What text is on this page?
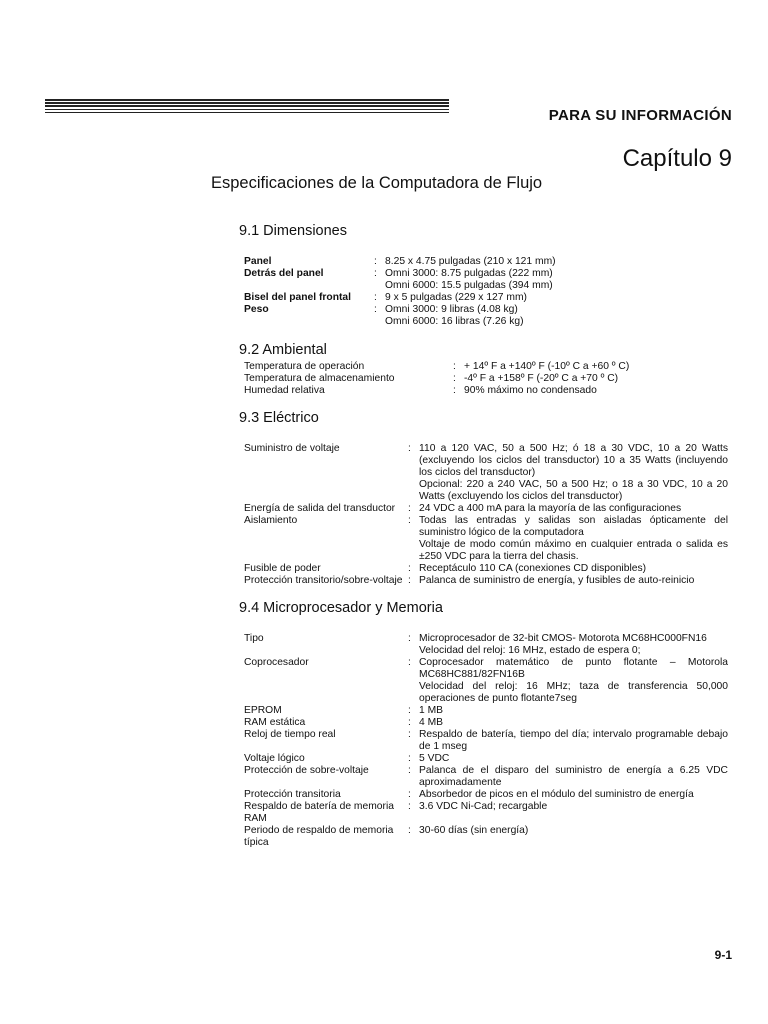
PARA SU INFORMACIÓN
Capítulo 9
Especificaciones de la Computadora de Flujo
9.1 Dimensiones
Panel	: 8.25 x 4.75 pulgadas (210 x 121 mm)

Detrás del panel	: Omni 3000: 8.75 pulgadas (222 mm)

Omni 6000: 15.5 pulgadas (394 mm)

Bisel del panel frontal	: 9 x 5 pulgadas (229 x 127 mm)

Peso	: Omni 3000: 9 libras (4.08 kg)

Omni 6000: 16 libras (7.26 kg)

9.2 Ambiental
Temperatura de operación	: + 14º F a +140º F (-10º C a +60 º C)

Temperatura de almacenamiento	: -4º F a +158º F (-20º C a +70 º C)

Humedad relativa	: 90% máximo no condensado

9.3 Eléctrico
Suministro de voltaje	: 110 a 120 VAC, 50 a 500 Hz; ó 18 a 30 VDC, 10 a 20 Watts (excluyendo los ciclos del transductor) 10 a 35 Watts (incluyendo los ciclos del transductor)

Opcional: 220 a 240 VAC, 50 a 500 Hz; o 18 a 30 VDC, 10 a 20 Watts (excluyendo los ciclos del transductor)

Energía de salida del transductor	: 24 VDC a 400 mA para la mayoría de las configuraciones

Aislamiento	: Todas las entradas y salidas son aisladas ópticamente del suministro lógico de la computadora

Voltaje de modo común máximo en cualquier entrada o salida es ±250 VDC para la tierra del chasis.

Fusible de poder	: Receptáculo 110 CA (conexiones CD disponibles)

Protección transitorio/sobre-voltaje : Palanca de suministro de energía, y fusibles de auto-reinicio

9.4 Microprocesador y Memoria
Tipo	: Microprocesador de 32-bit CMOS- Motorota MC68HC000FN16

Velocidad del reloj: 16 MHz, estado de espera 0;

Coprocesador	: Coprocesador matemático de punto flotante – Motorola MC68HC881/82FN16B

Velocidad del reloj: 16 MHz; taza de transferencia 50,000 operaciones de punto flotante7seg

EPROM	: 1 MB

RAM estática	: 4 MB

Reloj de tiempo real	: Respaldo de batería, tiempo del día; intervalo programable debajo de 1 mseg

Voltaje lógico	: 5 VDC

Protección de sobre-voltaje	: Palanca de el disparo del suministro de energía a 6.25 VDC aproximadamente

Protección transitoria	: Absorbedor de picos en el módulo del suministro de energía

Respaldo de batería de memoria RAM
: 3.6 VDC Ni-Cad; recargable

Periodo de respaldo de memoria típica
: 30-60 días (sin energía)

9-1
